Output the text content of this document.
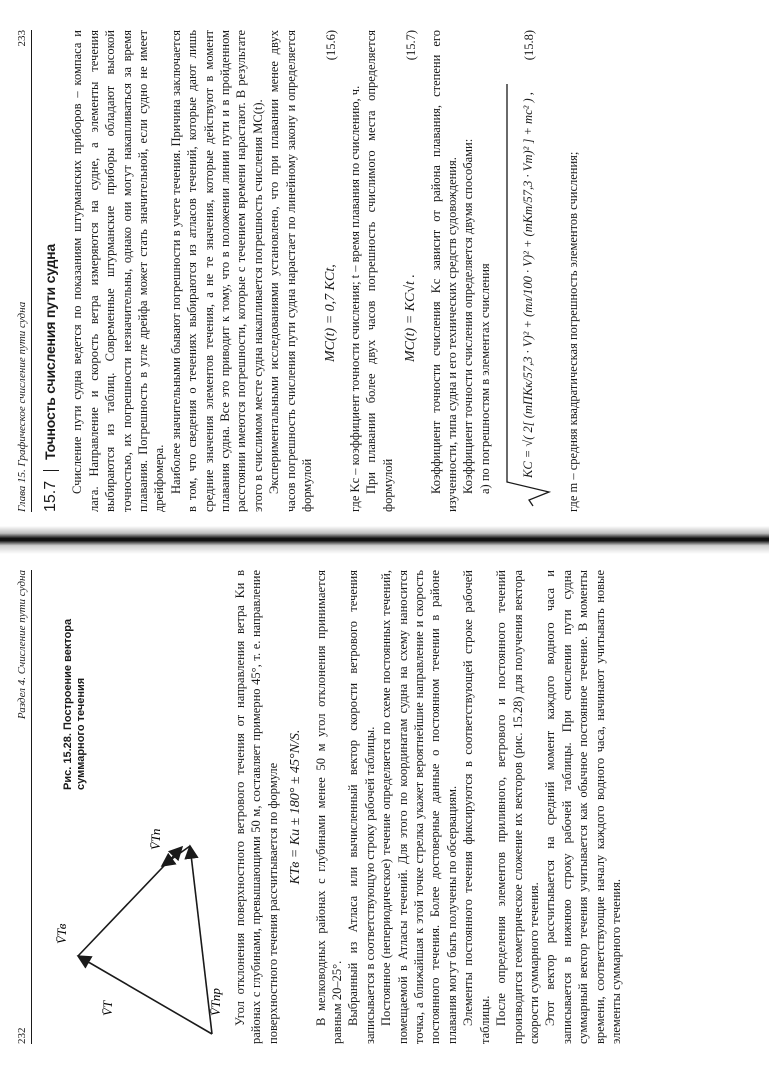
232
Раздел 4. Счисление пути судна
V̄Тпр
V̄Тв
V̄Тп
V̄Т
Рис. 15.28. Построение вектора суммарного течения	Угол отклонения поверхностного ветрового течения от направления ветра Kи в районах с глубинами, превышающими 50 м, составляет примерно 45°, т. е. направление поверхностного течения рассчитывается по формуле KТв = Kи ± 180° ± 45°N/S. В мелководных районах с глубинами менее 50 м угол отклонения принимается равным 20–25°. Выбранный из Атласа или вычисленный вектор скорости ветрового течения записывается в соответствующую строку рабочей таблицы. Постоянное (непериодическое) течение определяется по схеме постоянных течений, помещаемой в Атласы течений. Для этого по координатам судна на схему наносится точка, а ближайшая к этой точке стрелка укажет вероятнейшие направление и скорость постоянного течения. Более достоверные данные о постоянном течении в районе плавания могут быть получены по обсервациям. Элементы постоянного течения фиксируются в соответствующей строке рабочей таблицы. После определения элементов приливного, ветрового и постоянного течений производится геометрическое сложение их векторов (рис. 15.28) для получения вектора скорости суммарного течения. Этот вектор рассчитывается на средний момент каждого водного часа и записывается в нижнюю строку рабочей таблицы. При счислении пути судна суммарный вектор течения учитывается как обычное постоянное течение. В моменты времени, соответствующие началу каждого водного часа, начинают учитывать новые элементы суммарного течения.

Глава 15. Графическое счисление пути судна
233
15.7
Точность счисления пути судна Счисление пути судна ведется по показаниям штурманских приборов – компаса и лага. Направление и скорость ветра измеряются на судне, а элементы течения выбираются из таблиц. Современные штурманские приборы обладают высокой точностью, их погрешности незначительны, однако они могут накапливаться за время плавания. Погрешность в угле дрейфа может стать значительной, если судно не имеет дрейфомера. Наиболее значительными бывают погрешности в учете течения. Причина заключается в том, что сведения о течениях выбираются из атласов течений, которые дают лишь средние значения элементов течения, а не те значения, которые действуют в момент плавания судна. Все это приводит к тому, что в положении линии пути и в пройденном расстоянии имеются погрешности, которые с течением времени нарастают. В результате этого в счислимом месте судна накапливается погрешность счисления MC(t). Экспериментальными исследованиями установлено, что при плавании менее двух часов погрешность счисления пути судна нарастает по линейному закону и определяется формулой

MC(t) = 0,7 KCt,
(15.6)

где Kc – коэффициент точности счисления; t – время плавания по счислению, ч. При плавании более двух часов погрешность счислимого места определяется формулой

MC(t) = KC√t .
(15.7) Коэффициент точности счисления Kc зависит от района плавания, степени его изученности, типа судна и его технических средств судовождения. Коэффициент точности счисления определяется двумя способами: а) по погрешностям в элементах счисления	KC = √( 2[ (mПКк/57,3 · V)² + (mл/100 · V)² + (mKт/57,3 · Vт)² ] + mc² ) ,
(15.8)

где m – средняя квадратическая погрешность элементов счисления;
